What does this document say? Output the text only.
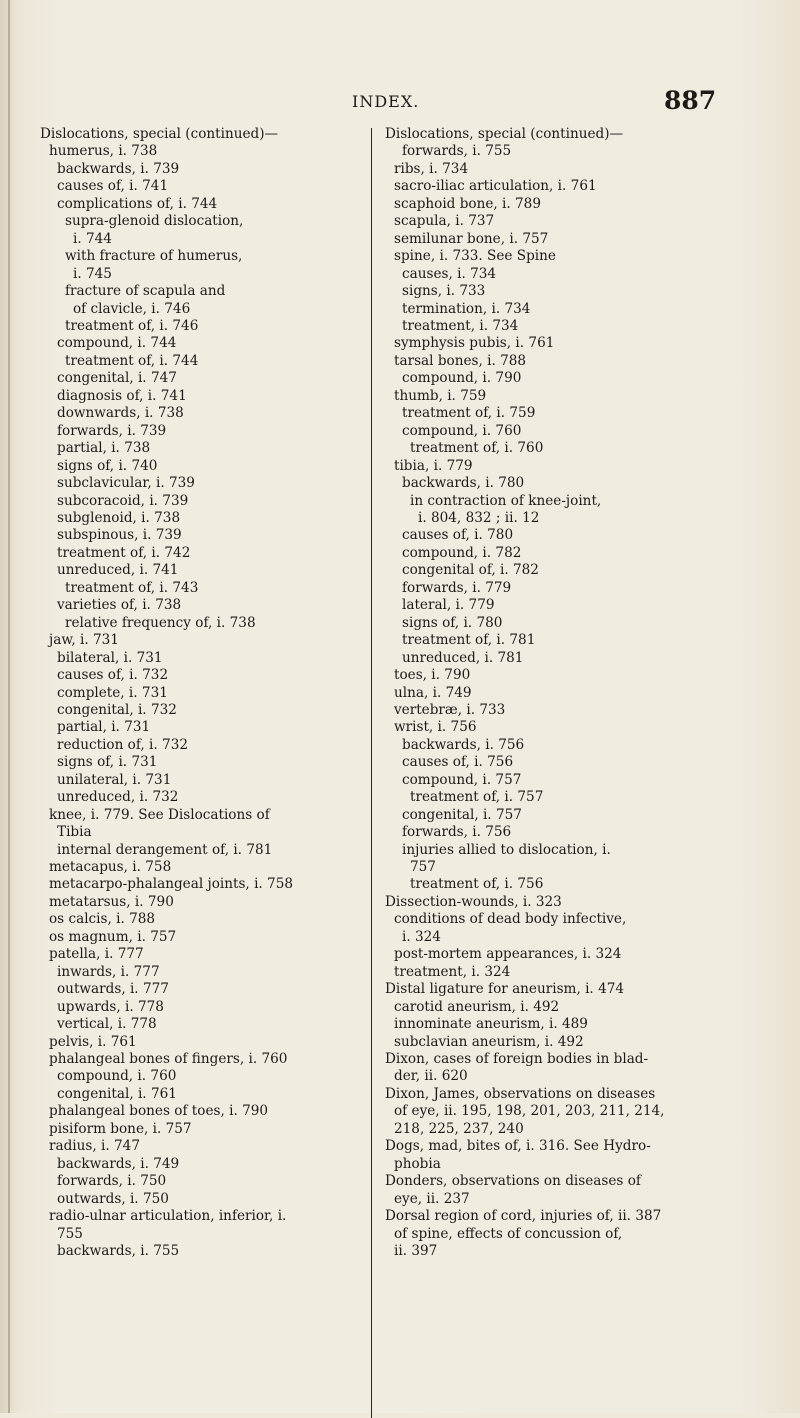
INDEX.	887
Dislocations, special (continued)—
humerus, i. 738
backwards, i. 739
causes of, i. 741
complications of, i. 744
supra-glenoid dislocation,
i. 744
with fracture of humerus,
i. 745
fracture of scapula and
of clavicle, i. 746
treatment of, i. 746
compound, i. 744
treatment of, i. 744
congenital, i. 747
diagnosis of, i. 741
downwards, i. 738
forwards, i. 739
partial, i. 738
signs of, i. 740
subclavicular, i. 739
subcoracoid, i. 739
subglenoid, i. 738
subspinous, i. 739
treatment of, i. 742
unreduced, i. 741
treatment of, i. 743
varieties of, i. 738
relative frequency of, i. 738
jaw, i. 731
bilateral, i. 731
causes of, i. 732
complete, i. 731
congenital, i. 732
partial, i. 731
reduction of, i. 732
signs of, i. 731
unilateral, i. 731
unreduced, i. 732
knee, i. 779. See Dislocations of
Tibia
internal derangement of, i. 781
metacapus, i. 758
metacarpo-phalangeal joints, i. 758
metatarsus, i. 790
os calcis, i. 788
os magnum, i. 757
patella, i. 777
inwards, i. 777
outwards, i. 777
upwards, i. 778
vertical, i. 778
pelvis, i. 761
phalangeal bones of fingers, i. 760
compound, i. 760
congenital, i. 761
phalangeal bones of toes, i. 790
pisiform bone, i. 757
radius, i. 747
backwards, i. 749
forwards, i. 750
outwards, i. 750
radio-ulnar articulation, inferior, i.
755
backwards, i. 755
Dislocations, special (continued)—
forwards, i. 755
ribs, i. 734
sacro-iliac articulation, i. 761
scaphoid bone, i. 789
scapula, i. 737
semilunar bone, i. 757
spine, i. 733. See Spine
causes, i. 734
signs, i. 733
termination, i. 734
treatment, i. 734
symphysis pubis, i. 761
tarsal bones, i. 788
compound, i. 790
thumb, i. 759
treatment of, i. 759
compound, i. 760
treatment of, i. 760
tibia, i. 779
backwards, i. 780
in contraction of knee-joint,
i. 804, 832 ; ii. 12
causes of, i. 780
compound, i. 782
congenital of, i. 782
forwards, i. 779
lateral, i. 779
signs of, i. 780
treatment of, i. 781
unreduced, i. 781
toes, i. 790
ulna, i. 749
vertebræ, i. 733
wrist, i. 756
backwards, i. 756
causes of, i. 756
compound, i. 757
treatment of, i. 757
congenital, i. 757
forwards, i. 756
injuries allied to dislocation, i.
757
treatment of, i. 756
Dissection-wounds, i. 323
conditions of dead body infective,
i. 324
post-mortem appearances, i. 324
treatment, i. 324
Distal ligature for aneurism, i. 474
carotid aneurism, i. 492
innominate aneurism, i. 489
subclavian aneurism, i. 492
Dixon, cases of foreign bodies in blad-
der, ii. 620
Dixon, James, observations on diseases
of eye, ii. 195, 198, 201, 203, 211, 214,
218, 225, 237, 240
Dogs, mad, bites of, i. 316. See Hydro-
phobia
Donders, observations on diseases of
eye, ii. 237
Dorsal region of cord, injuries of, ii. 387
of spine, effects of concussion of,
ii. 397
